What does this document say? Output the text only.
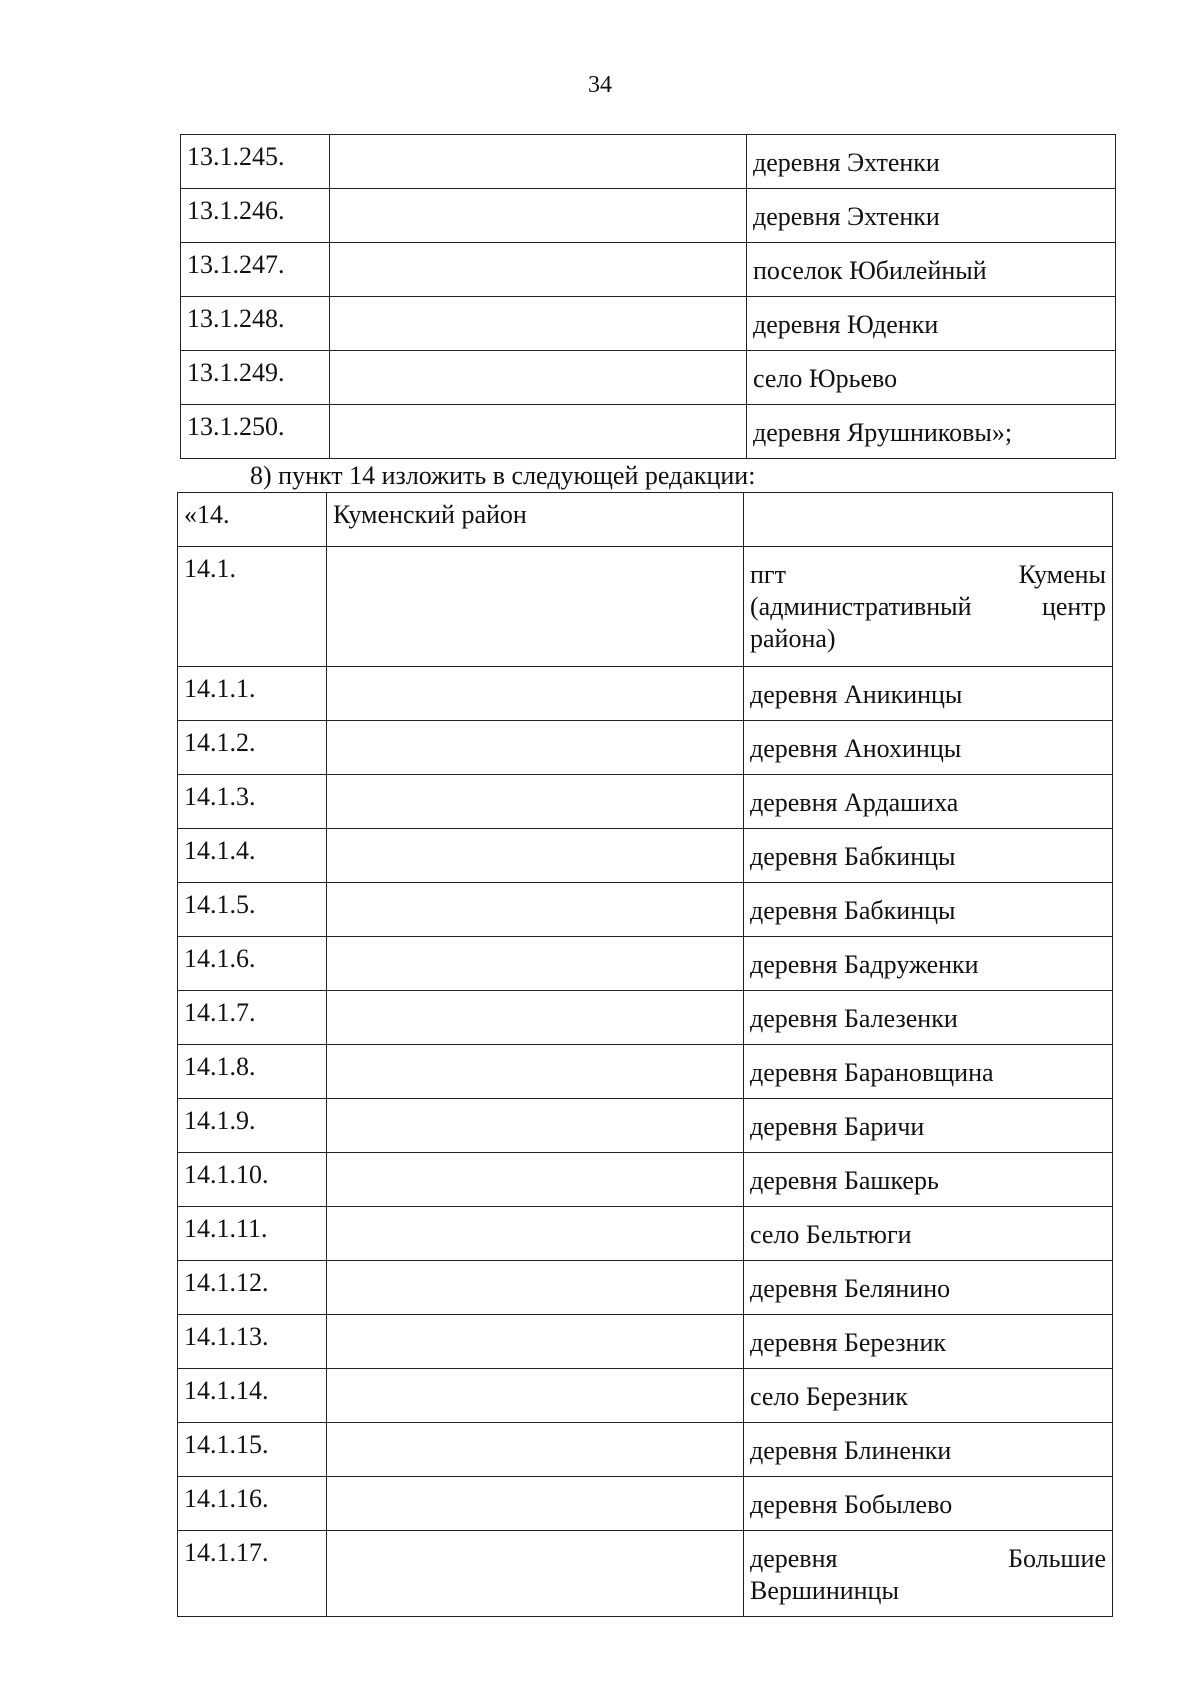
34
13.1.245.		деревня Эхтенки
13.1.246.		деревня Эхтенки
13.1.247.		поселок Юбилейный
13.1.248.		деревня Юденки
13.1.249.		село Юрьево
13.1.250.		деревня Ярушниковы»;
8) пункт 14 изложить в следующей редакции:
«14.	Куменский район	
14.1.		пгт Кумены
(административный центр
района)

14.1.1.		деревня Аникинцы
14.1.2.		деревня Анохинцы
14.1.3.		деревня Ардашиха
14.1.4.		деревня Бабкинцы
14.1.5.		деревня Бабкинцы
14.1.6.		деревня Бадруженки
14.1.7.		деревня Балезенки
14.1.8.		деревня Барановщина
14.1.9.		деревня Баричи
14.1.10.		деревня Башкерь
14.1.11.		село Бельтюги
14.1.12.		деревня Белянино
14.1.13.		деревня Березник
14.1.14.		село Березник
14.1.15.		деревня Блиненки
14.1.16.		деревня Бобылево
14.1.17.		деревня Большие
Вершининцы
